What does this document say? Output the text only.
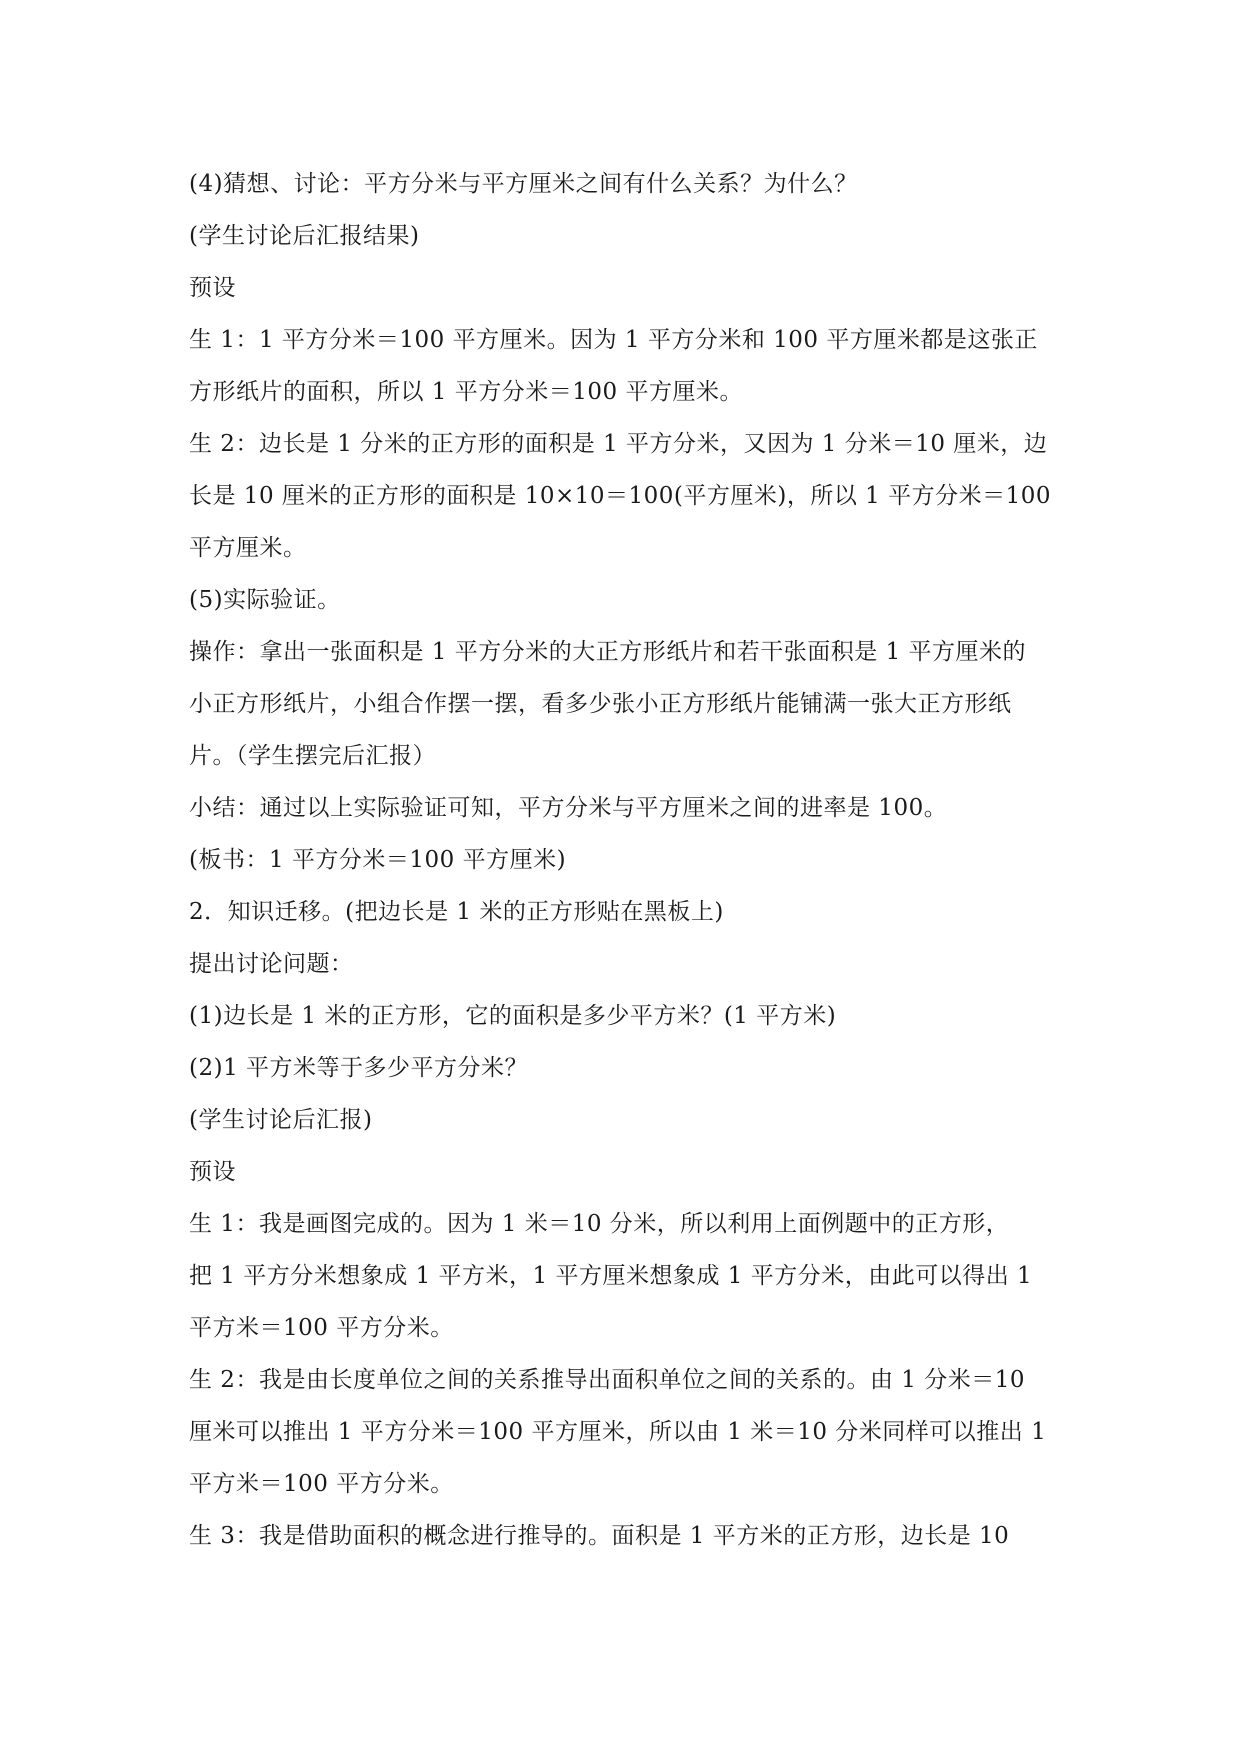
(4)猜想、讨论：平方分米与平方厘米之间有什么关系？为什么？
(学生讨论后汇报结果)
预设
生 1：1 平方分米＝100 平方厘米。因为 1 平方分米和 100 平方厘米都是这张正
方形纸片的面积，所以 1 平方分米＝100 平方厘米。
生 2：边长是 1 分米的正方形的面积是 1 平方分米，又因为 1 分米＝10 厘米，边
长是 10 厘米的正方形的面积是 10×10＝100(平方厘米)，所以 1 平方分米＝100
平方厘米。
(5)实际验证。
操作：拿出一张面积是 1 平方分米的大正方形纸片和若干张面积是 1 平方厘米的
小正方形纸片，小组合作摆一摆，看多少张小正方形纸片能铺满一张大正方形纸
片。（学生摆完后汇报）
小结：通过以上实际验证可知，平方分米与平方厘米之间的进率是 100。
(板书：1 平方分米＝100 平方厘米)
2．知识迁移。(把边长是 1 米的正方形贴在黑板上)
提出讨论问题：
(1)边长是 1 米的正方形，它的面积是多少平方米？(1 平方米)
(2)1 平方米等于多少平方分米？
(学生讨论后汇报)
预设
生 1：我是画图完成的。因为 1 米＝10 分米，所以利用上面例题中的正方形，
把 1 平方分米想象成 1 平方米，1 平方厘米想象成 1 平方分米，由此可以得出 1
平方米＝100 平方分米。
生 2：我是由长度单位之间的关系推导出面积单位之间的关系的。由 1 分米＝10
厘米可以推出 1 平方分米＝100 平方厘米，所以由 1 米＝10 分米同样可以推出 1
平方米＝100 平方分米。
生 3：我是借助面积的概念进行推导的。面积是 1 平方米的正方形，边长是 10
